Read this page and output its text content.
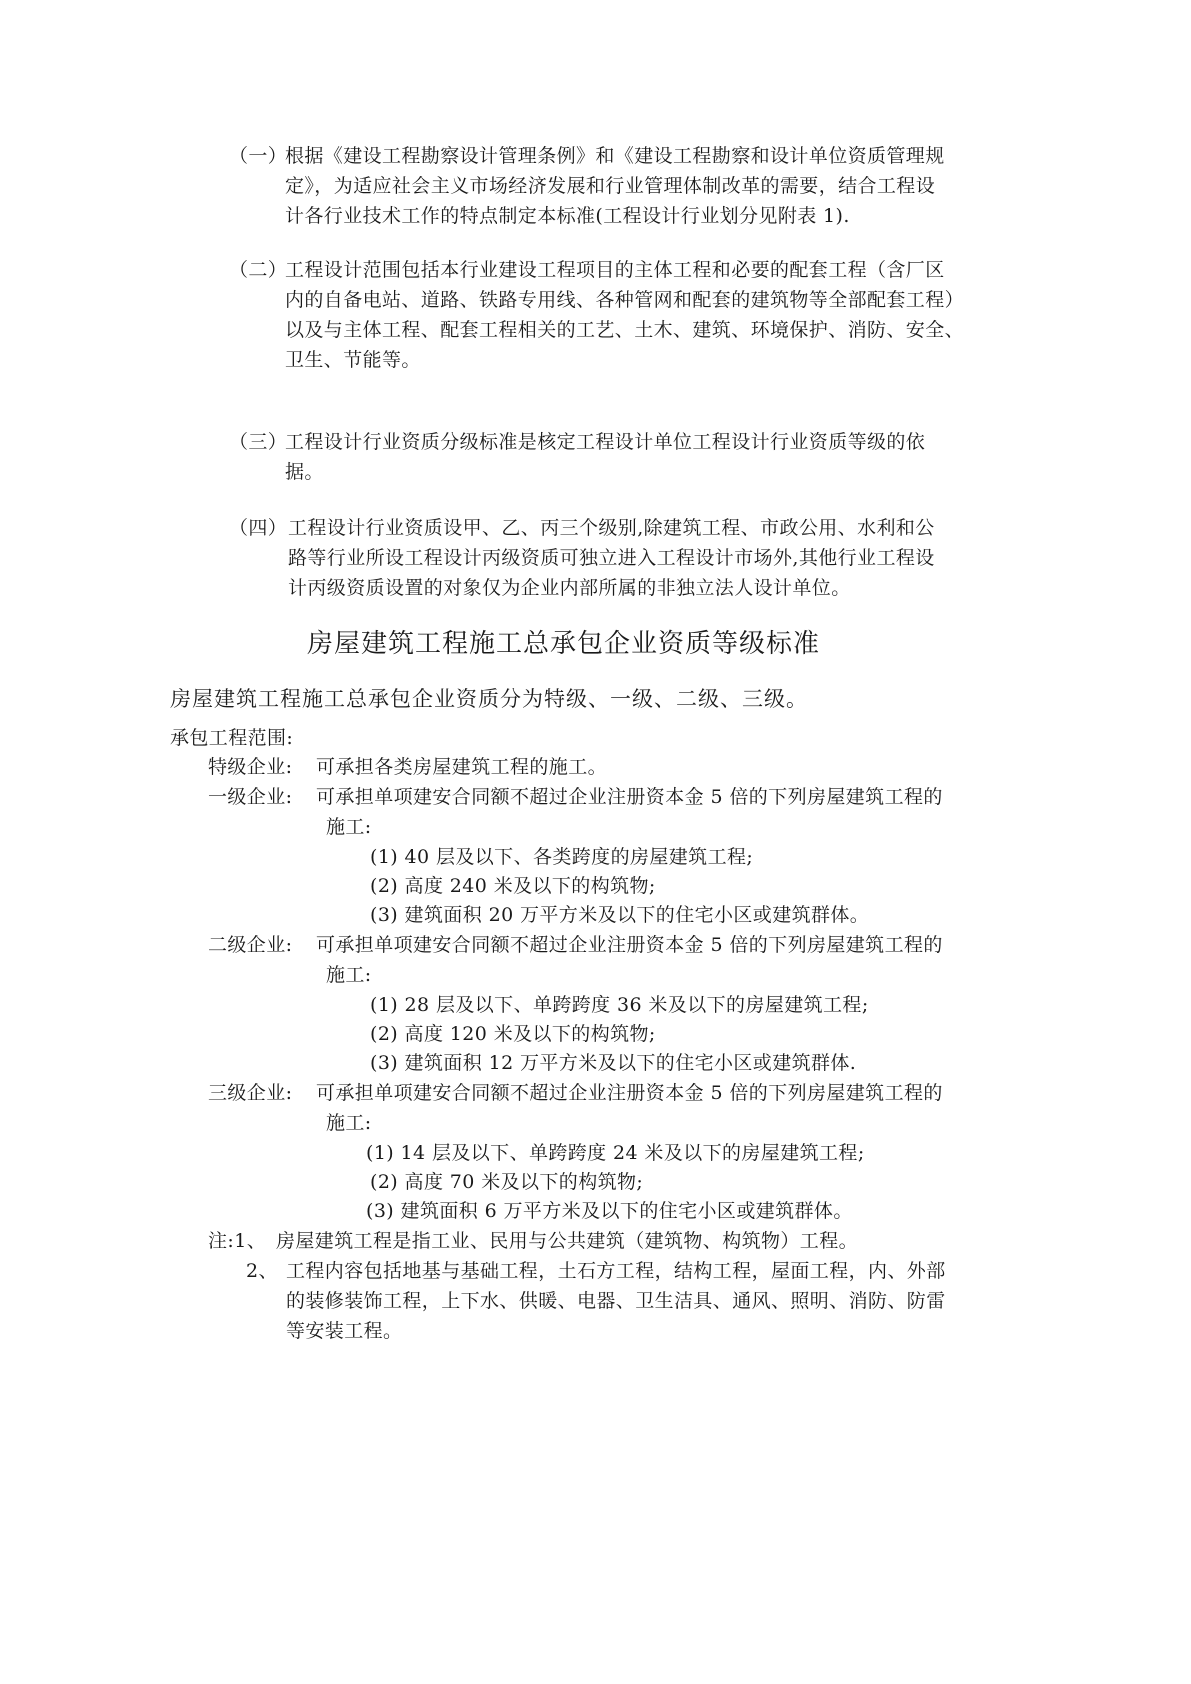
（一）
根据《建设工程勘察设计管理条例》和《建设工程勘察和设计单位资质管理规
定》，为适应社会主义市场经济发展和行业管理体制改革的需要，结合工程设
计各行业技术工作的特点制定本标准(工程设计行业划分见附表 1).
（二）
工程设计范围包括本行业建设工程项目的主体工程和必要的配套工程（含厂区
内的自备电站、道路、铁路专用线、各种管网和配套的建筑物等全部配套工程）
以及与主体工程、配套工程相关的工艺、土木、建筑、环境保护、消防、安全、
卫生、节能等。
（三）
工程设计行业资质分级标准是核定工程设计单位工程设计行业资质等级的依
据。
（四） 工程设计行业资质设甲、乙、丙三个级别,除建筑工程、市政公用、水利和公
路等行业所设工程设计丙级资质可独立进入工程设计市场外,其他行业工程设
计丙级资质设置的对象仅为企业内部所属的非独立法人设计单位。
房屋建筑工程施工总承包企业资质等级标准
房屋建筑工程施工总承包企业资质分为特级、一级、二级、三级。
承包工程范围:
特级企业: 可承担各类房屋建筑工程的施工。
一级企业: 可承担单项建安合同额不超过企业注册资本金 5 倍的下列房屋建筑工程的
施工:
(1) 40 层及以下、各类跨度的房屋建筑工程;
(2) 高度 240 米及以下的构筑物;
(3) 建筑面积 20 万平方米及以下的住宅小区或建筑群体。
二级企业: 可承担单项建安合同额不超过企业注册资本金 5 倍的下列房屋建筑工程的
施工:
(1) 28 层及以下、单跨跨度 36 米及以下的房屋建筑工程;
(2) 高度 120 米及以下的构筑物;
(3) 建筑面积 12 万平方米及以下的住宅小区或建筑群体.
三级企业: 可承担单项建安合同额不超过企业注册资本金 5 倍的下列房屋建筑工程的
施工:
(1) 14 层及以下、单跨跨度 24 米及以下的房屋建筑工程;
(2) 高度 70 米及以下的构筑物;
(3) 建筑面积 6 万平方米及以下的住宅小区或建筑群体。
注:1、 房屋建筑工程是指工业、民用与公共建筑（建筑物、构筑物）工程。
2、 工程内容包括地基与基础工程，土石方工程，结构工程，屋面工程，内、外部
的装修装饰工程，上下水、供暖、电器、卫生洁具、通风、照明、消防、防雷
等安装工程。
